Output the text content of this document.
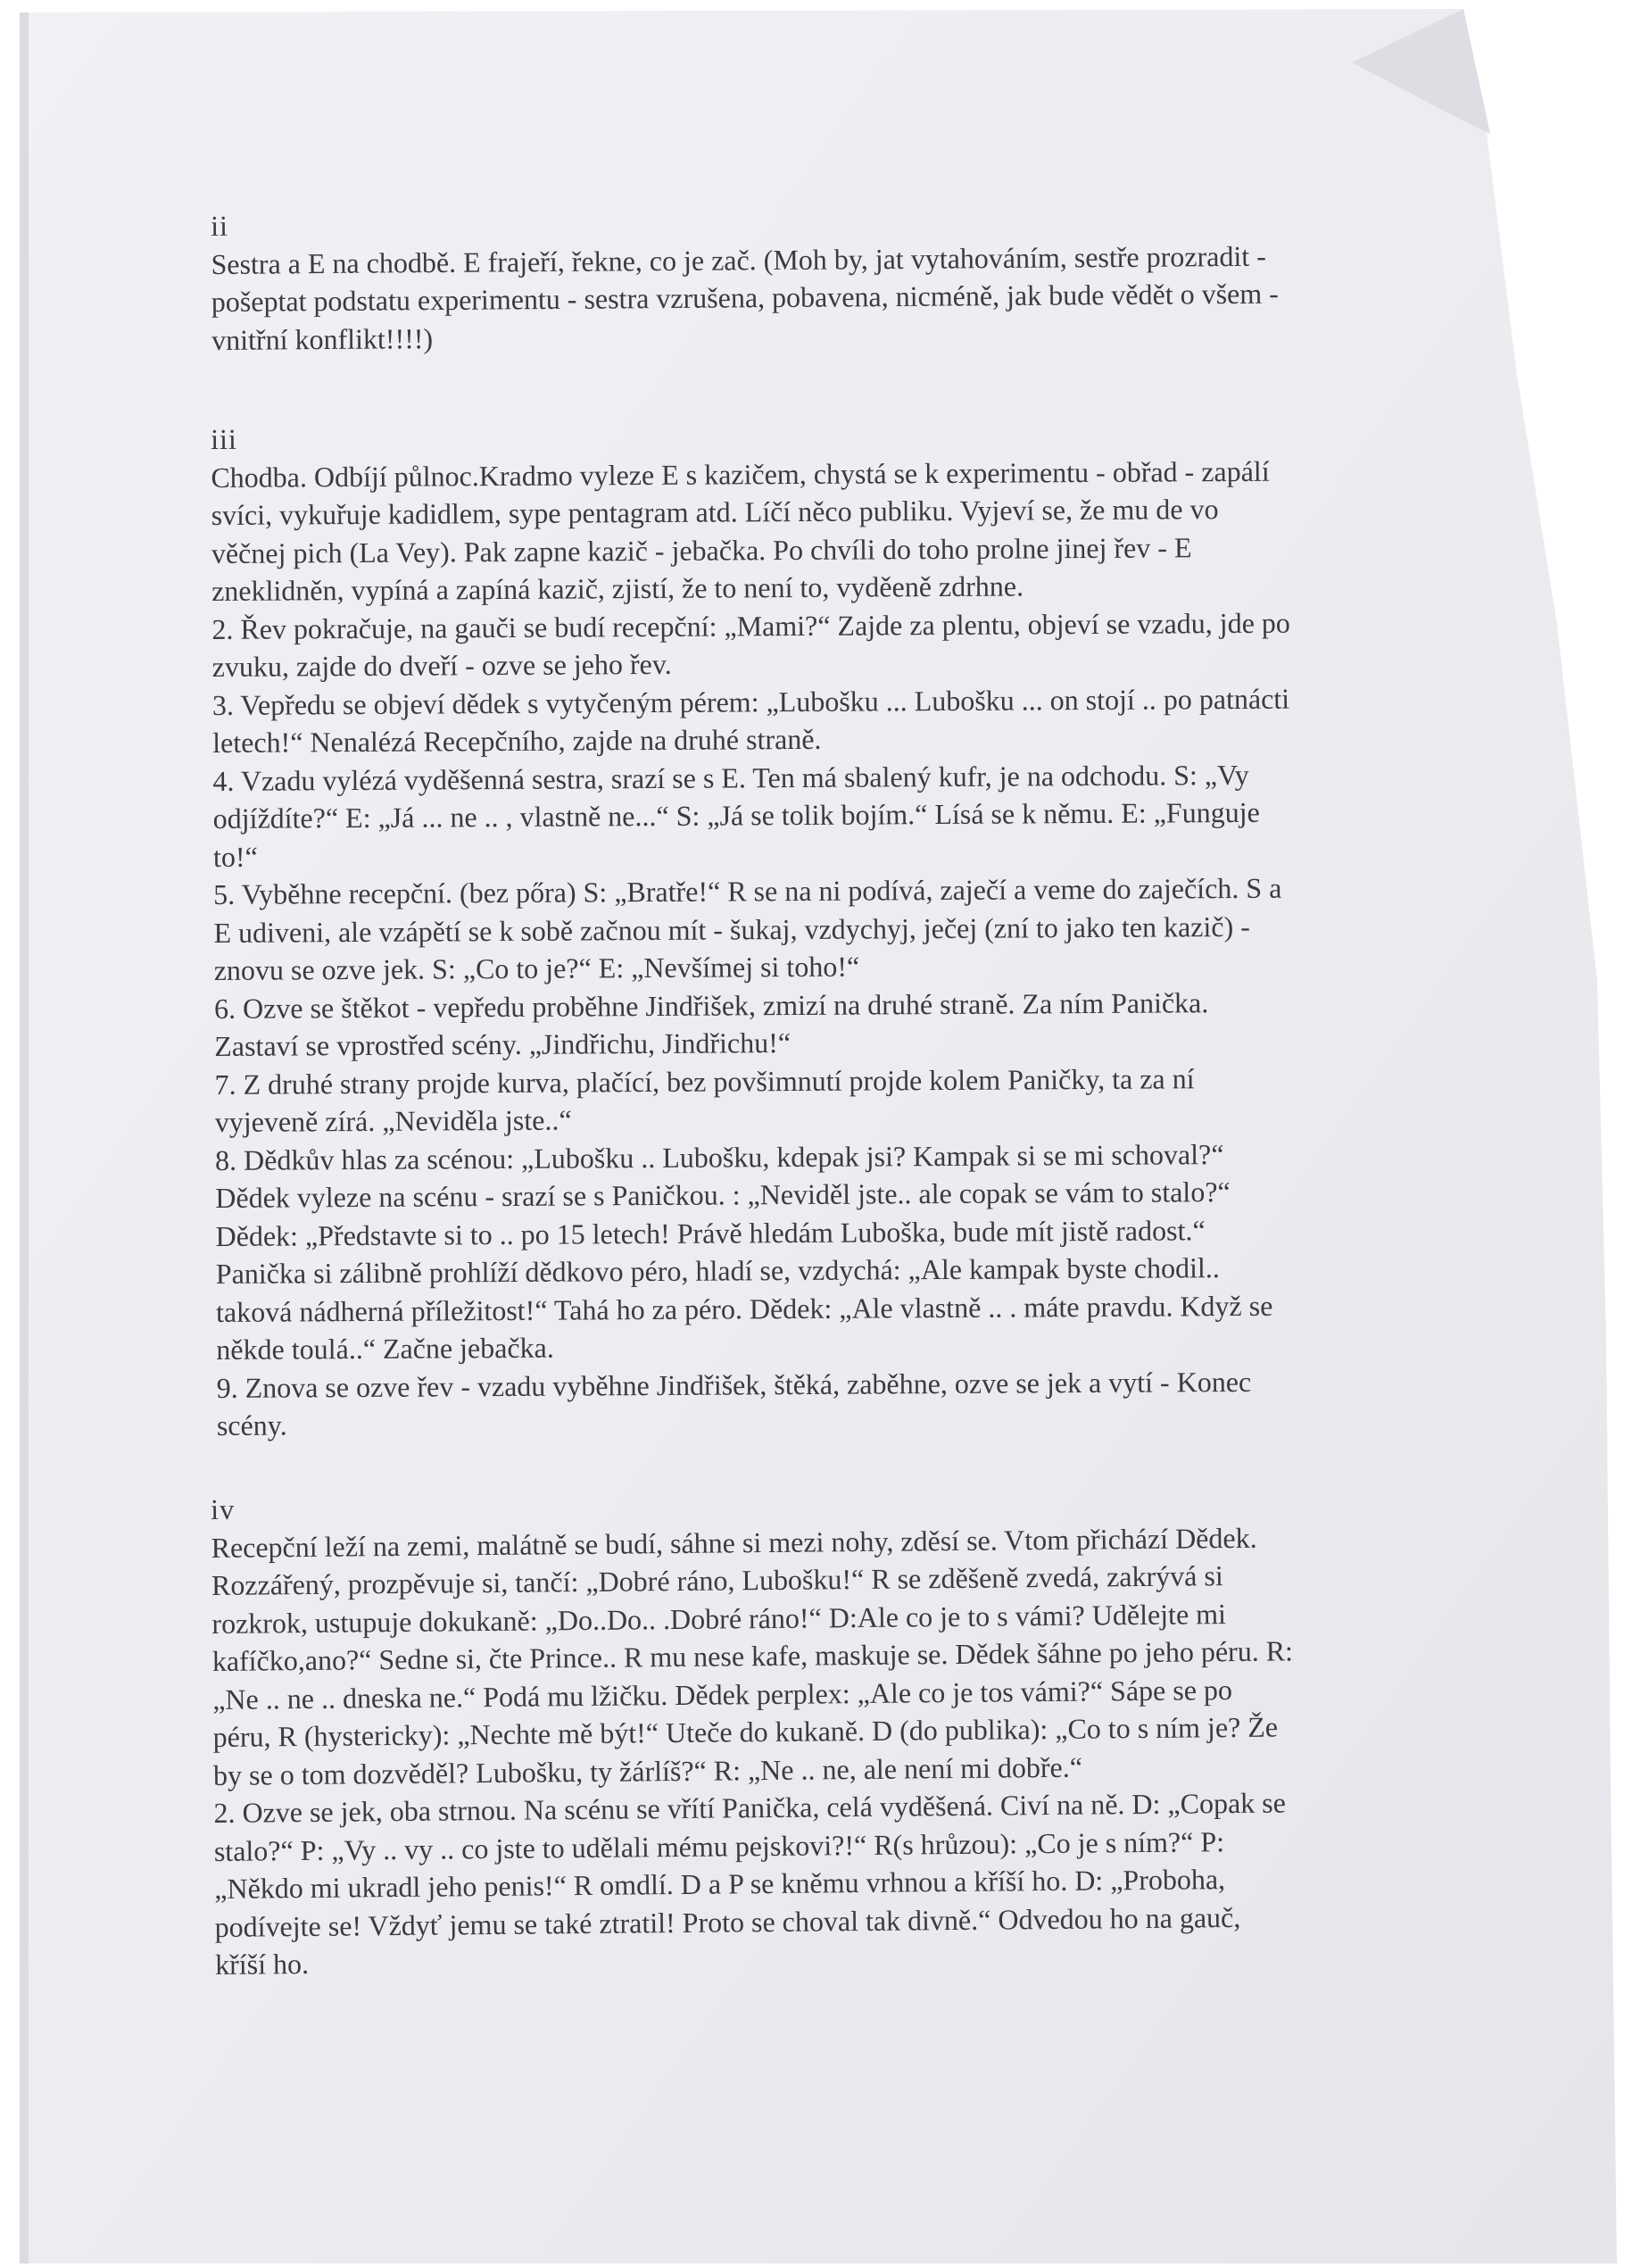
ii
Sestra a E na chodbě. E frajeří, řekne, co je zač. (Moh by, jat vytahováním, sestře prozradit -
pošeptat podstatu experimentu - sestra vzrušena, pobavena, nicméně, jak bude vědět o všem -
vnitřní konflikt!!!!)
iii
Chodba. Odbíjí půlnoc.Kradmo vyleze E s kazičem, chystá se k experimentu - obřad - zapálí
svíci, vykuřuje kadidlem, sype pentagram atd. Líčí něco publiku. Vyjeví se, že mu de vo
věčnej pich (La Vey). Pak zapne kazič - jebačka. Po chvíli do toho prolne jinej řev - E
zneklidněn, vypíná a zapíná kazič, zjistí, že to není to, vyděeně zdrhne.
2. Řev pokračuje, na gauči se budí recepční: „Mami?“ Zajde za plentu, objeví se vzadu, jde po
zvuku, zajde do dveří - ozve se jeho řev.
3. Vepředu se objeví dědek s vytyčeným pérem: „Lubošku ... Lubošku ... on stojí .. po patnácti
letech!“ Nenalézá Recepčního, zajde na druhé straně.
4. Vzadu vylézá vyděšenná sestra, srazí se s E. Ten má sbalený kufr, je na odchodu. S: „Vy
odjíždíte?“ E: „Já ... ne .. , vlastně ne...“ S: „Já se tolik bojím.“ Lísá se k němu. E: „Funguje
to!“
5. Vyběhne recepční. (bez pőra) S: „Bratře!“ R se na ni podívá, zaječí a veme do zaječích. S a
E udiveni, ale vzápětí se k sobě začnou mít - šukaj, vzdychyj, ječej (zní to jako ten kazič) -
znovu se ozve jek. S: „Co to je?“ E: „Nevšímej si toho!“
6. Ozve se štěkot - vepředu proběhne Jindřišek, zmizí na druhé straně. Za ním Panička.
Zastaví se vprostřed scény. „Jindřichu, Jindřichu!“
7. Z druhé strany projde kurva, plačící, bez povšimnutí projde kolem Paničky, ta za ní
vyjeveně zírá. „Neviděla jste..“
8. Dědkův hlas za scénou: „Lubošku .. Lubošku, kdepak jsi? Kampak si se mi schoval?“
Dědek vyleze na scénu - srazí se s Paničkou. : „Neviděl jste.. ale copak se vám to stalo?“
Dědek: „Představte si to .. po 15 letech! Právě hledám Luboška, bude mít jistě radost.“
Panička si zálibně prohlíží dědkovo péro, hladí se, vzdychá: „Ale kampak byste chodil..
taková nádherná příležitost!“ Tahá ho za péro. Dědek: „Ale vlastně .. . máte pravdu. Když se
někde toulá..“ Začne jebačka.
9. Znova se ozve řev - vzadu vyběhne Jindřišek, štěká, zaběhne, ozve se jek a vytí - Konec
scény.
iv
Recepční leží na zemi, malátně se budí, sáhne si mezi nohy, zděsí se. Vtom přichází Dědek.
Rozzářený, prozpěvuje si, tančí: „Dobré ráno, Lubošku!“ R se zděšeně zvedá, zakrývá si
rozkrok, ustupuje dokukaně: „Do..Do.. .Dobré ráno!“ D:Ale co je to s vámi? Udělejte mi
kafíčko,ano?“ Sedne si, čte Prince.. R mu nese kafe, maskuje se. Dědek šáhne po jeho péru. R:
„Ne .. ne .. dneska ne.“ Podá mu lžičku. Dědek perplex: „Ale co je tos vámi?“ Sápe se po
péru, R (hystericky): „Nechte mě být!“ Uteče do kukaně. D (do publika): „Co to s ním je? Že
by se o tom dozvěděl? Lubošku, ty žárlíš?“ R: „Ne .. ne, ale není mi dobře.“
2. Ozve se jek, oba strnou. Na scénu se vřítí Panička, celá vyděšená. Civí na ně. D: „Copak se
stalo?“ P: „Vy .. vy .. co jste to udělali mému pejskovi?!“ R(s hrůzou): „Co je s ním?“ P:
„Někdo mi ukradl jeho penis!“ R omdlí. D a P se kněmu vrhnou a kříší ho. D: „Proboha,
podívejte se! Vždyť jemu se také ztratil! Proto se choval tak divně.“ Odvedou ho na gauč,
kříší ho.
